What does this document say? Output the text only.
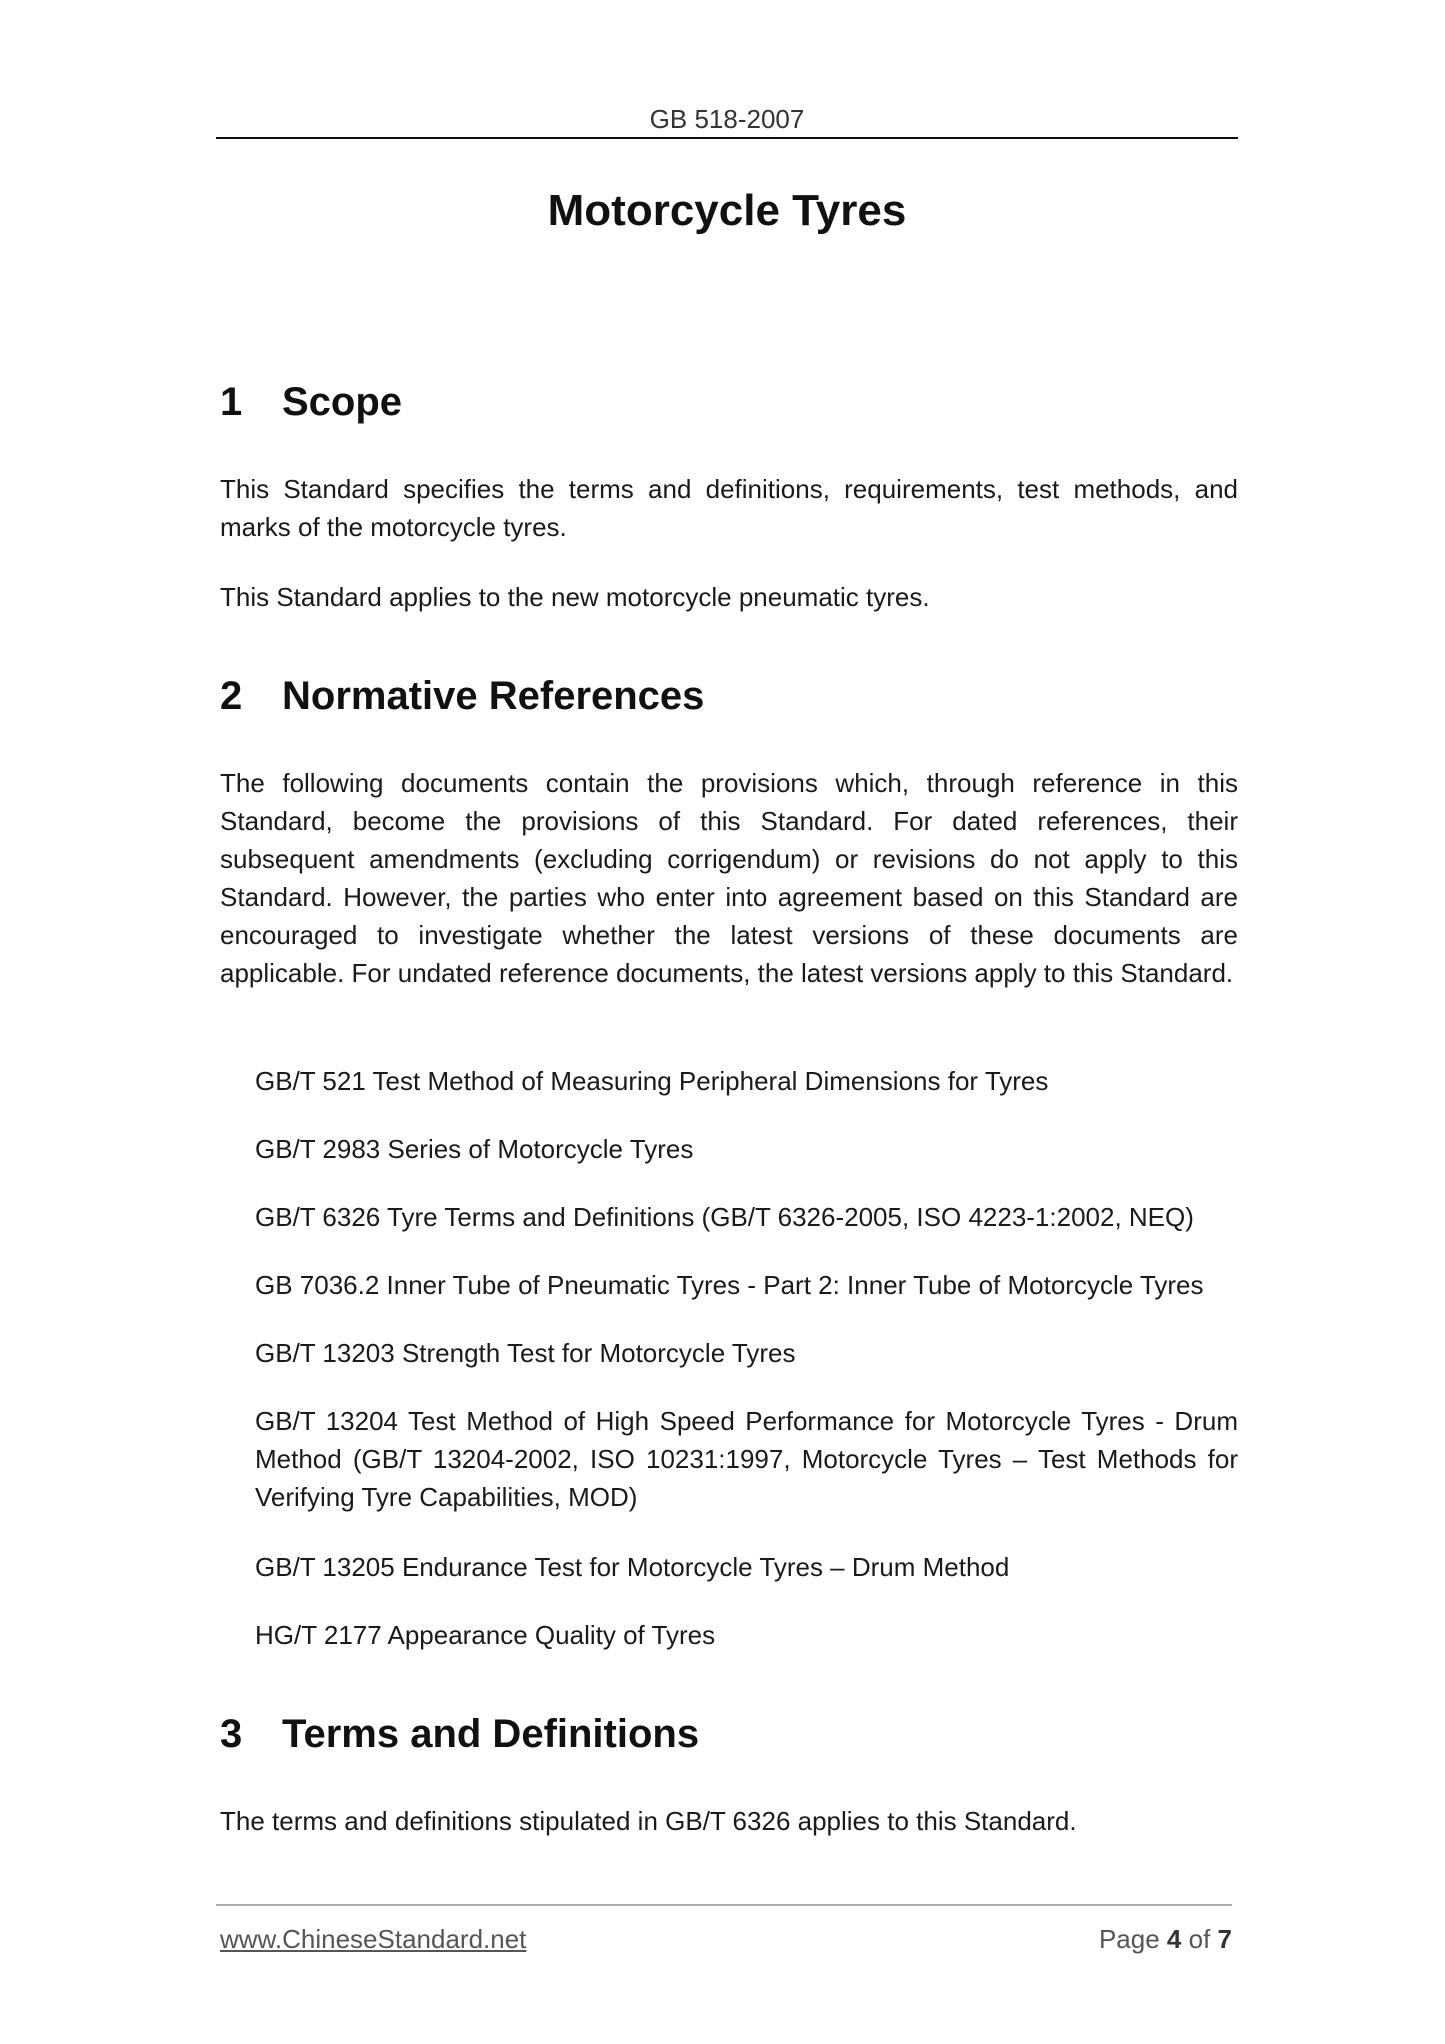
GB 518-2007
Motorcycle Tyres
1 Scope
This Standard specifies the terms and definitions, requirements, test methods, and marks of the motorcycle tyres.
This Standard applies to the new motorcycle pneumatic tyres.
2 Normative References
The following documents contain the provisions which, through reference in this Standard, become the provisions of this Standard. For dated references, their subsequent amendments (excluding corrigendum) or revisions do not apply to this Standard. However, the parties who enter into agreement based on this Standard are encouraged to investigate whether the latest versions of these documents are applicable. For undated reference documents, the latest versions apply to this Standard.
GB/T 521 Test Method of Measuring Peripheral Dimensions for Tyres
GB/T 2983 Series of Motorcycle Tyres
GB/T 6326 Tyre Terms and Definitions (GB/T 6326-2005, ISO 4223-1:2002, NEQ)
GB 7036.2 Inner Tube of Pneumatic Tyres - Part 2: Inner Tube of Motorcycle Tyres
GB/T 13203 Strength Test for Motorcycle Tyres
GB/T 13204 Test Method of High Speed Performance for Motorcycle Tyres - Drum Method (GB/T 13204-2002, ISO 10231:1997, Motorcycle Tyres – Test Methods for Verifying Tyre Capabilities, MOD)
GB/T 13205 Endurance Test for Motorcycle Tyres – Drum Method
HG/T 2177 Appearance Quality of Tyres
3 Terms and Definitions
The terms and definitions stipulated in GB/T 6326 applies to this Standard.
www.ChineseStandard.net	Page 4 of 7
